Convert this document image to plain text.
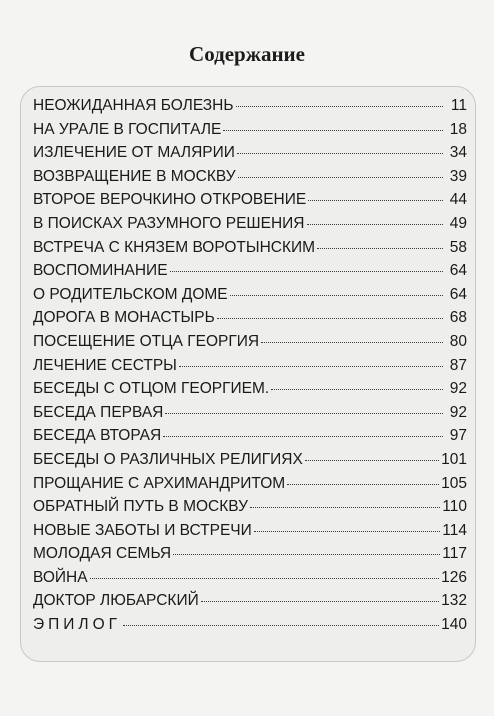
Содержание
НЕОЖИДАННАЯ БОЛЕЗНЬ	11
НА УРАЛЕ В ГОСПИТАЛЕ	18
ИЗЛЕЧЕНИЕ ОТ МАЛЯРИИ	34
ВОЗВРАЩЕНИЕ В МОСКВУ	39
ВТОРОЕ ВЕРОЧКИНО ОТКРОВЕНИЕ	44
В ПОИСКАХ РАЗУМНОГО РЕШЕНИЯ	49
ВСТРЕЧА С КНЯЗЕМ ВОРОТЫНСКИМ	58
ВОСПОМИНАНИЕ	64
О РОДИТЕЛЬСКОМ ДОМЕ	64
ДОРОГА В МОНАСТЫРЬ	68
ПОСЕЩЕНИЕ ОТЦА ГЕОРГИЯ	80
ЛЕЧЕНИЕ СЕСТРЫ	87
БЕСЕДЫ С ОТЦОМ ГЕОРГИЕМ.	92
БЕСЕДА ПЕРВАЯ	92
БЕСЕДА ВТОРАЯ	97
БЕСЕДЫ О РАЗЛИЧНЫХ РЕЛИГИЯХ	101
ПРОЩАНИЕ С АРХИМАНДРИТОМ	105
ОБРАТНЫЙ ПУТЬ В МОСКВУ	110
НОВЫЕ ЗАБОТЫ И ВСТРЕЧИ	114
МОЛОДАЯ СЕМЬЯ	117
ВОЙНА	126
ДОКТОР ЛЮБАРСКИЙ	132
ЭПИЛОГ	140
